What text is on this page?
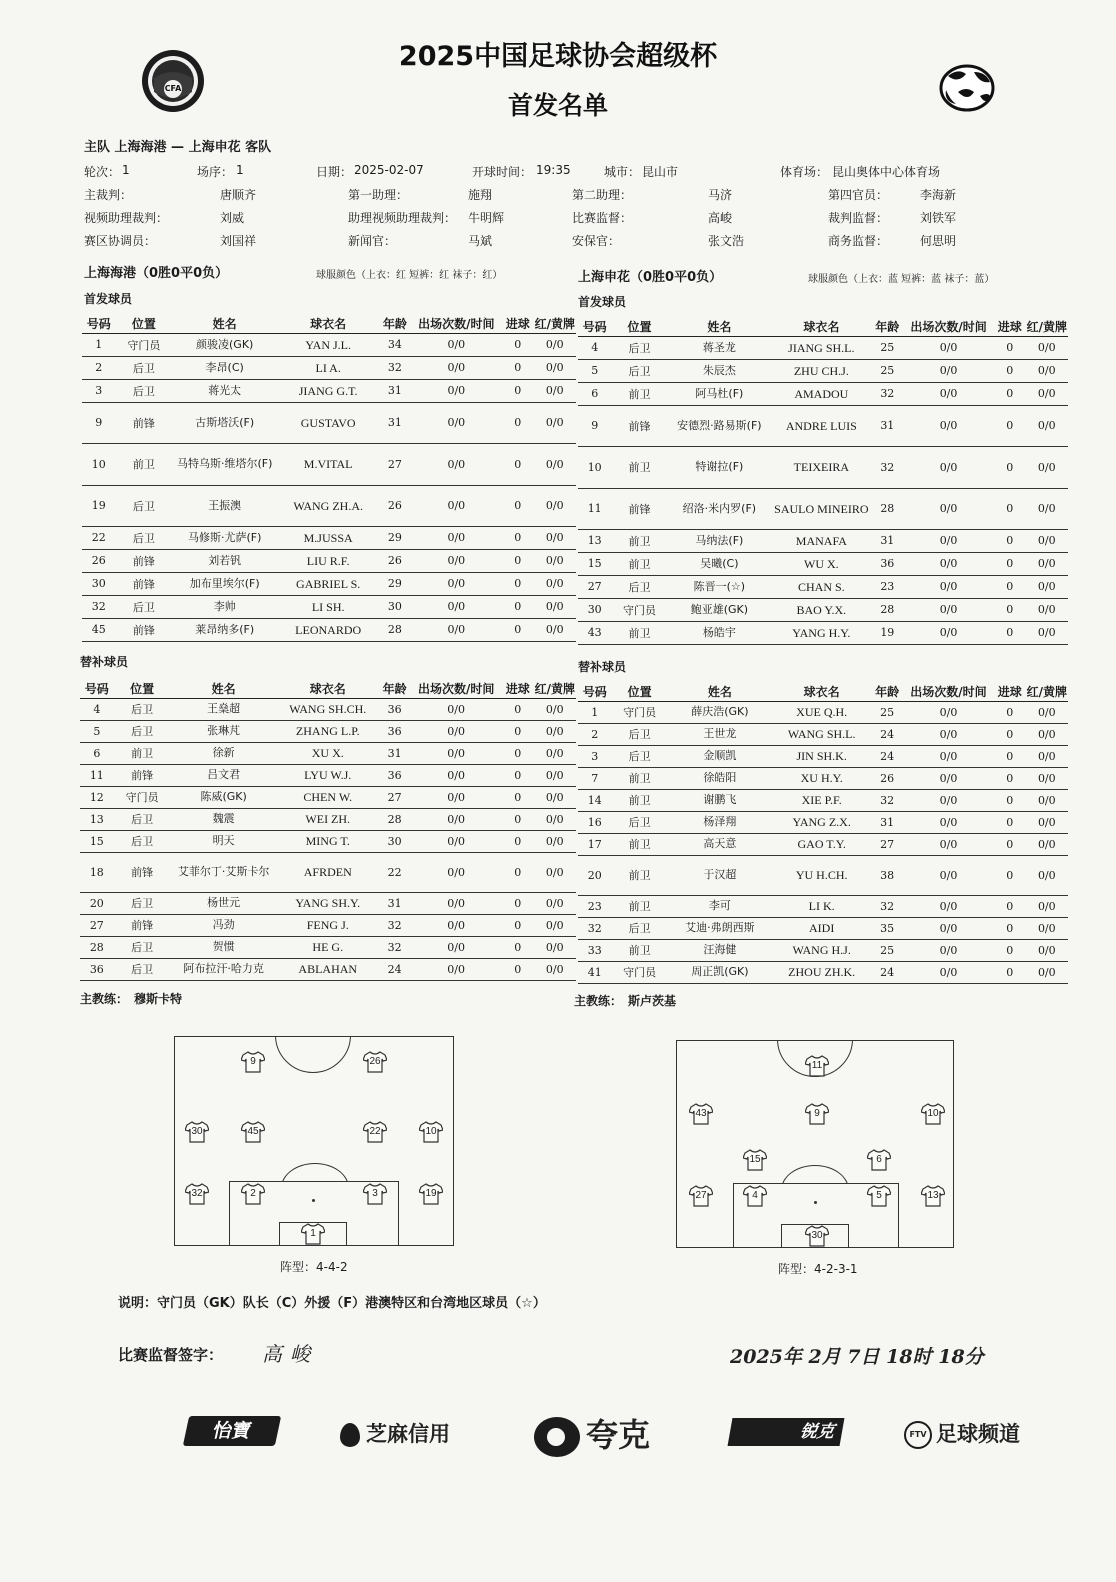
CFA
2025中国足球协会超级杯
首发名单
主队 上海海港 — 上海申花 客队
轮次： 1	场序： 1	日期： 2025-02-07	开球时间： 19:35	城市： 昆山市	体育场： 昆山奥体中心体育场
主裁判：	唐顺齐	第一助理：	施翔	第二助理：	马济	第四官员：	李海新
视频助理裁判：	刘威	助理视频助理裁判： 牛明辉	比赛监督：	高峻	裁判监督：	刘铁军
赛区协调员：	刘国祥	新闻官：	马斌	安保官：	张文浩	商务监督：	何思明
上海海港（0胜0平0负）	球服颜色（上衣：红 短裤：红 袜子：红）	上海申花（0胜0平0负）	球服颜色（上衣：蓝 短裤：蓝 袜子：蓝）
首发球员	首发球员
号码	位置	姓名	球衣名	年龄	出场次数/时间	进球	红/黄牌
1	守门员	颜骏凌(GK)	YAN J.L.	34	0/0	0	0/0
2	后卫	李昂(C)	LI A.	32	0/0	0	0/0
3	后卫	蒋光太	JIANG G.T.	31	0/0	0	0/0
9	前锋	古斯塔沃(F)	GUSTAVO	31	0/0	0	0/0
10	前卫	马特乌斯·维塔尔(F)	M.VITAL	27	0/0	0	0/0
19	后卫	王振澳	WANG ZH.A.	26	0/0	0	0/0
22	后卫	马修斯·尤萨(F)	M.JUSSA	29	0/0	0	0/0
26	前锋	刘若钒	LIU R.F.	26	0/0	0	0/0
30	前锋	加布里埃尔(F)	GABRIEL S.	29	0/0	0	0/0
32	后卫	李帅	LI SH.	30	0/0	0	0/0
45	前锋	莱昂纳多(F)	LEONARDO	28	0/0	0	0/0
号码	位置	姓名	球衣名	年龄	出场次数/时间	进球	红/黄牌
4	后卫	蒋圣龙	JIANG SH.L.	25	0/0	0	0/0
5	后卫	朱辰杰	ZHU CH.J.	25	0/0	0	0/0
6	前卫	阿马杜(F)	AMADOU	32	0/0	0	0/0
9	前锋	安德烈·路易斯(F)	ANDRE LUIS	31	0/0	0	0/0
10	前卫	特谢拉(F)	TEIXEIRA	32	0/0	0	0/0
11	前锋	绍洛·米内罗(F)	SAULO MINEIRO	28	0/0	0	0/0
13	前卫	马纳法(F)	MANAFA	31	0/0	0	0/0
15	前卫	吴曦(C)	WU X.	36	0/0	0	0/0
27	后卫	陈晋一(☆)	CHAN S.	23	0/0	0	0/0
30	守门员	鲍亚雄(GK)	BAO Y.X.	28	0/0	0	0/0
43	前卫	杨皓宇	YANG H.Y.	19	0/0	0	0/0
替补球员	替补球员
号码	位置	姓名	球衣名	年龄	出场次数/时间	进球	红/黄牌
4	后卫	王燊超	WANG SH.CH.	36	0/0	0	0/0
5	后卫	张琳芃	ZHANG L.P.	36	0/0	0	0/0
6	前卫	徐新	XU X.	31	0/0	0	0/0
11	前锋	吕文君	LYU W.J.	36	0/0	0	0/0
12	守门员	陈威(GK)	CHEN W.	27	0/0	0	0/0
13	后卫	魏震	WEI ZH.	28	0/0	0	0/0
15	后卫	明天	MING T.	30	0/0	0	0/0
18	前锋	艾菲尔丁·艾斯卡尔	AFRDEN	22	0/0	0	0/0
20	后卫	杨世元	YANG SH.Y.	31	0/0	0	0/0
27	前锋	冯劲	FENG J.	32	0/0	0	0/0
28	后卫	贺惯	HE G.	32	0/0	0	0/0
36	后卫	阿布拉汗·哈力克	ABLAHAN	24	0/0	0	0/0
号码	位置	姓名	球衣名	年龄	出场次数/时间	进球	红/黄牌
1	守门员	薛庆浩(GK)	XUE Q.H.	25	0/0	0	0/0
2	后卫	王世龙	WANG SH.L.	24	0/0	0	0/0
3	后卫	金顺凯	JIN SH.K.	24	0/0	0	0/0
7	前卫	徐皓阳	XU H.Y.	26	0/0	0	0/0
14	前卫	谢鹏飞	XIE P.F.	32	0/0	0	0/0
16	后卫	杨泽翔	YANG Z.X.	31	0/0	0	0/0
17	前卫	高天意	GAO T.Y.	27	0/0	0	0/0
20	前卫	于汉超	YU H.CH.	38	0/0	0	0/0
23	前卫	李可	LI K.	32	0/0	0	0/0
32	后卫	艾迪·弗朗西斯	AIDI	35	0/0	0	0/0
33	前卫	汪海健	WANG H.J.	25	0/0	0	0/0
41	守门员	周正凯(GK)	ZHOU ZH.K.	24	0/0	0	0/0
主教练： 穆斯卡特	主教练： 斯卢茨基
9	26
30	45	22	10
32	2	3	19
1
阵型：4-4-2
11
43	9	10
15	6
27	4	5	13
30
阵型：4-2-3-1
说明：守门员（GK）队长（C）外援（F）港澳特区和台湾地区球员（☆）
比赛监督签字： 高峻	2025年 2月 7日 18时 18分
怡寶	芝麻信用	夸克	锐克	FTV 足球频道
